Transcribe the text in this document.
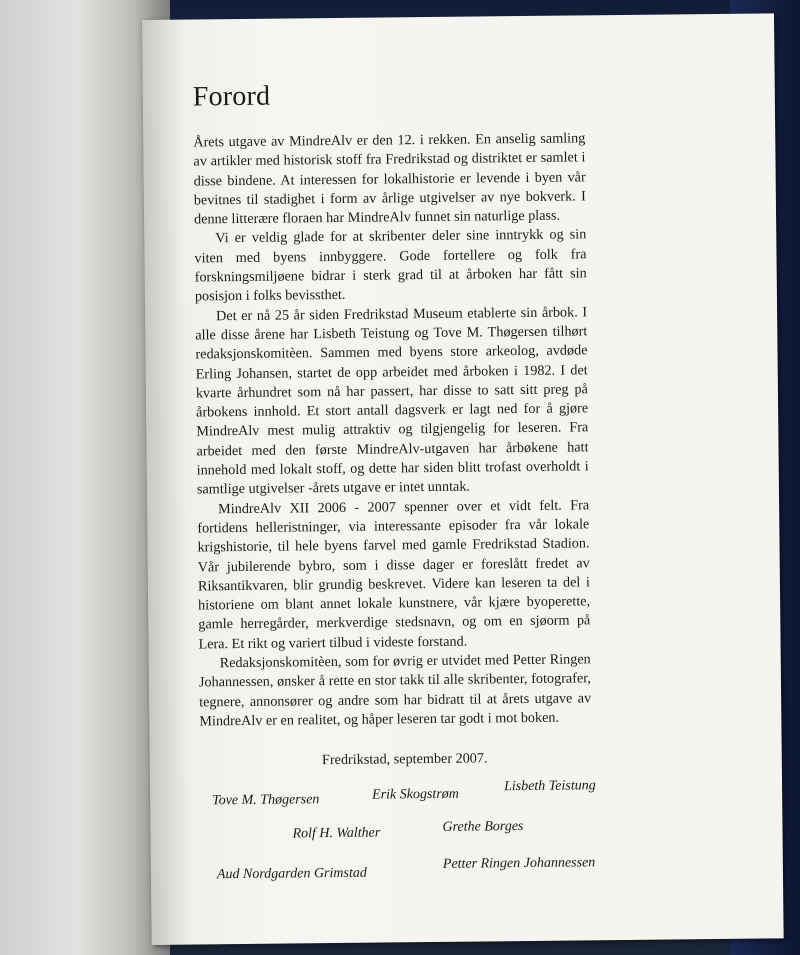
Forord

Årets utgave av MindreAlv er den 12. i rekken. En anselig samling av artikler med historisk stoff fra Fredrikstad og distriktet er samlet i disse bindene. At interessen for lokalhistorie er levende i byen vår bevitnes til stadighet i form av årlige utgivelser av nye bokverk. I denne litterære floraen har MindreAlv funnet sin naturlige plass.

Vi er veldig glade for at skribenter deler sine inntrykk og sin viten med byens innbyggere. Gode fortellere og folk fra forskningsmiljøene bidrar i sterk grad til at årboken har fått sin posisjon i folks bevissthet.

Det er nå 25 år siden Fredrikstad Museum etablerte sin årbok. I alle disse årene har Lisbeth Teistung og Tove M. Thøgersen tilhørt redaksjonskomitèen. Sammen med byens store arkeolog, avdøde Erling Johansen, startet de opp arbeidet med årboken i 1982. I det kvarte århundret som nå har passert, har disse to satt sitt preg på årbokens innhold. Et stort antall dagsverk er lagt ned for å gjøre MindreAlv mest mulig attraktiv og tilgjengelig for leseren. Fra arbeidet med den første MindreAlv-utgaven har årbøkene hatt innehold med lokalt stoff, og dette har siden blitt trofast overholdt i samtlige utgivelser -årets utgave er intet unntak.

MindreAlv XII 2006 - 2007 spenner over et vidt felt. Fra fortidens helleristninger, via interessante episoder fra vår lokale krigshistorie, til hele byens farvel med gamle Fredrikstad Stadion. Vår jubilerende bybro, som i disse dager er foreslått fredet av Riksantikvaren, blir grundig beskrevet. Videre kan leseren ta del i historiene om blant annet lokale kunstnere, vår kjære byoperette, gamle herregårder, merkverdige stedsnavn, og om en sjøorm på Lera. Et rikt og variert tilbud i videste forstand.

Redaksjonskomitèen, som for øvrig er utvidet med Petter Ringen Johannessen, ønsker å rette en stor takk til alle skribenter, fotografer, tegnere, annonsører og andre som har bidratt til at årets utgave av MindreAlv er en realitet, og håper leseren tar godt i mot boken.

Fredrikstad, september 2007.

Tove M. Thøgersen	Erik Skogstrøm
Lisbeth Teistung
Rolf H. Walther	Grethe Borges
Aud Nordgarden Grimstad
Petter Ringen Johannessen
